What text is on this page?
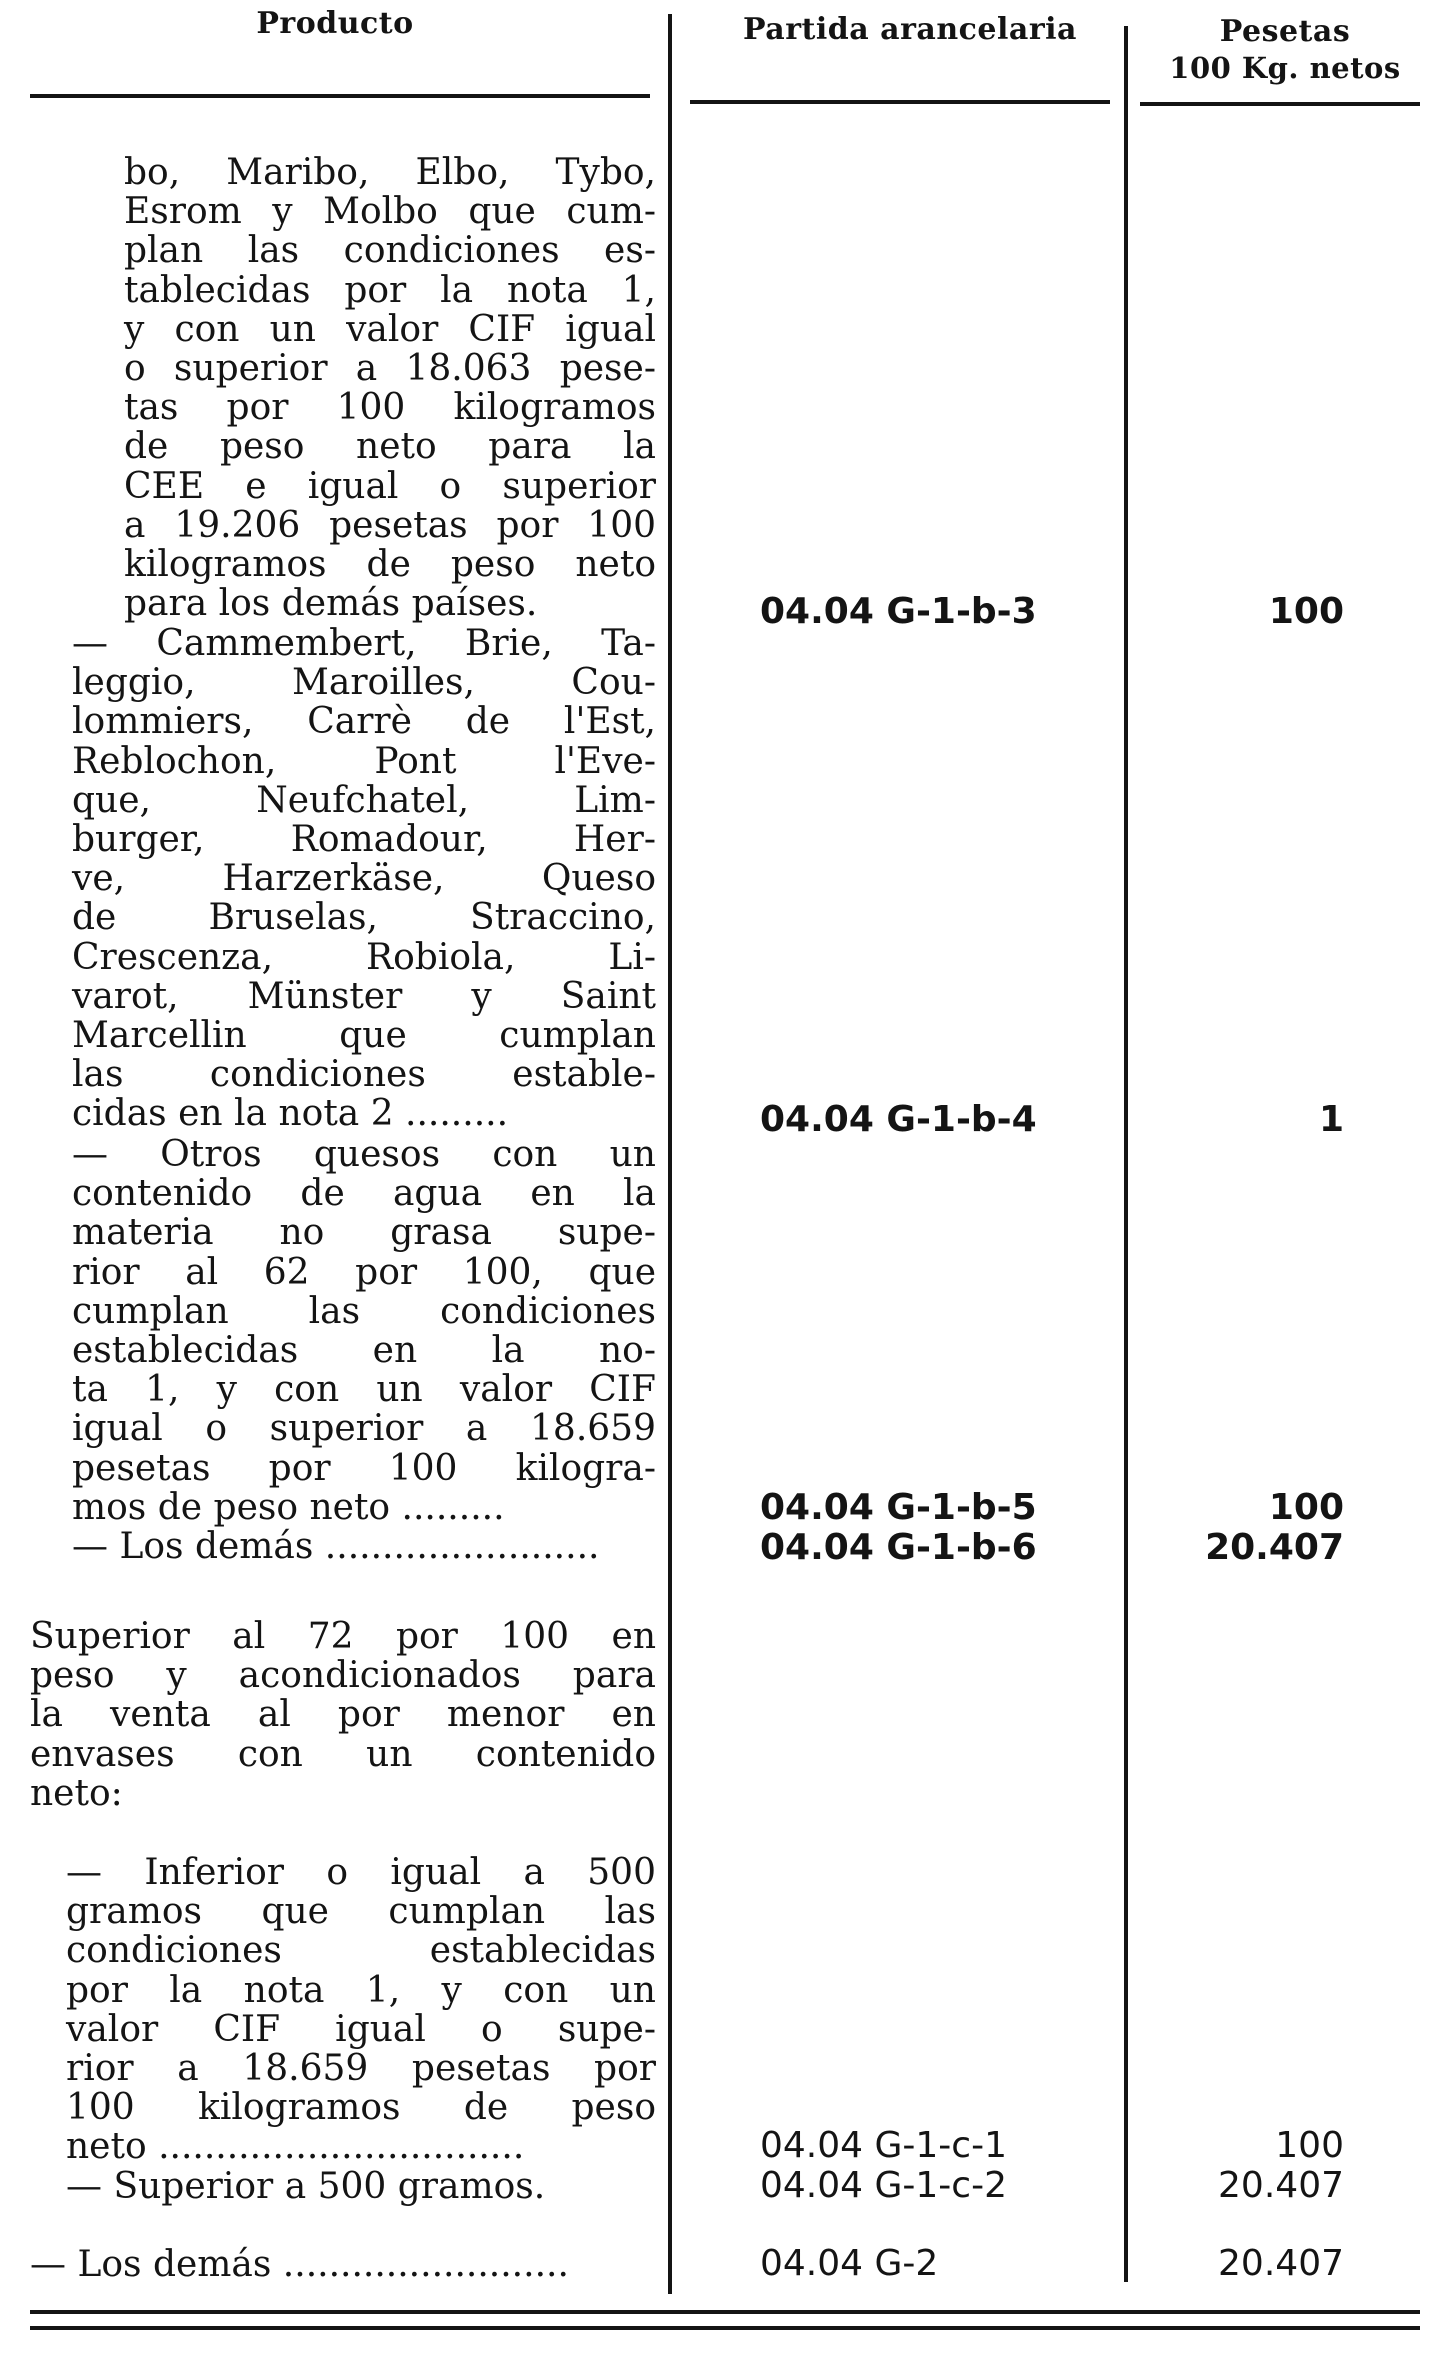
Producto	Partida arancelaria	Pesetas
100 Kg. netos
bo, Maribo, Elbo, Tybo,
Esrom y Molbo que cum-
plan las condiciones es-
tablecidas por la nota 1,
y con un valor CIF igual
o superior a 18.063 pese-
tas por 100 kilogramos
de peso neto para la
CEE e igual o superior
a 19.206 pesetas por 100
kilogramos de peso neto
para los demás países.
— Cammembert, Brie, Ta-
leggio, Maroilles, Cou-
lommiers, Carrè de l'Est,
Reblochon, Pont l'Eve-
que, Neufchatel, Lim-
burger, Romadour, Her-
ve, Harzerkäse, Queso
de Bruselas, Straccino,
Crescenza, Robiola, Li-
varot, Münster y Saint
Marcellin que cumplan
las condiciones estable-
cidas en la nota 2 .........
— Otros quesos con un
contenido de agua en la
materia no grasa supe-
rior al 62 por 100, que
cumplan las condiciones
establecidas en la no-
ta 1, y con un valor CIF
igual o superior a 18.659
pesetas por 100 kilogra-
mos de peso neto .........
— Los demás ........................
Superior al 72 por 100 en
peso y acondicionados para
la venta al por menor en
envases con un contenido
neto:
— Inferior o igual a 500
gramos que cumplan las
condiciones establecidas
por la nota 1, y con un
valor CIF igual o supe-
rior a 18.659 pesetas por
100 kilogramos de peso
neto ................................
— Superior a 500 gramos.
— Los demás .........................
04.04 G-1-b-3
04.04 G-1-b-4
04.04 G-1-b-5
04.04 G-1-b-6
04.04 G-1-c-1
04.04 G-1-c-2
04.04 G-2
100
1
100
20.407
100
20.407
20.407
